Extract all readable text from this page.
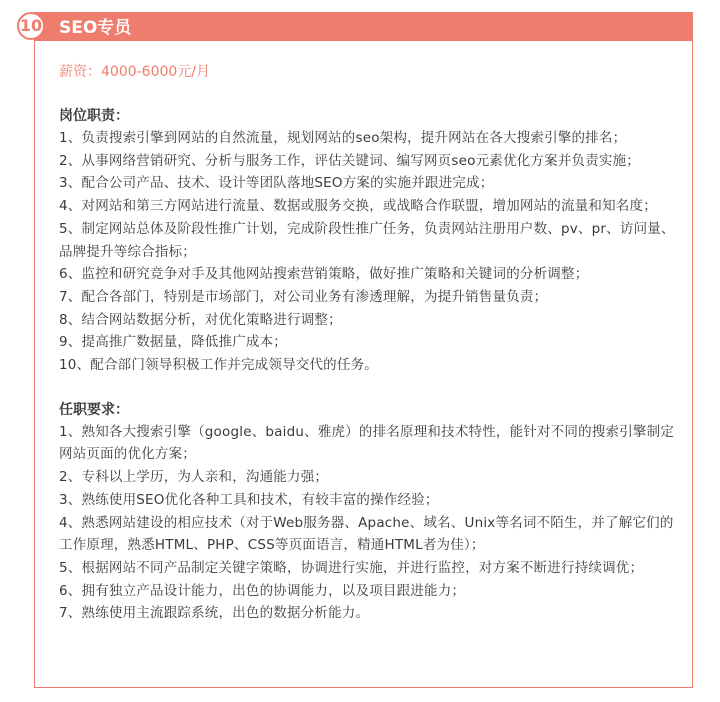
薪资：4000-6000元/月
岗位职责：
1、负责搜索引擎到网站的自然流量，规划网站的seo架构，提升网站在各大搜索引擎的排名；
2、从事网络营销研究、分析与服务工作，评估关键词、编写网页seo元素优化方案并负责实施；
3、配合公司产品、技术、设计等团队落地SEO方案的实施并跟进完成；
4、对网站和第三方网站进行流量、数据或服务交换，或战略合作联盟，增加网站的流量和知名度；
5、制定网站总体及阶段性推广计划，完成阶段性推广任务，负责网站注册用户数、pv、pr、访问量、品牌提升等综合指标；
6、监控和研究竞争对手及其他网站搜索营销策略，做好推广策略和关键词的分析调整；
7、配合各部门，特别是市场部门，对公司业务有渗透理解，为提升销售量负责；
8、结合网站数据分析，对优化策略进行调整；
9、提高推广数据量，降低推广成本；
10、配合部门领导积极工作并完成领导交代的任务。
任职要求：
1、熟知各大搜索引擎（google、baidu、雅虎）的排名原理和技术特性，能针对不同的搜索引擎制定网站页面的优化方案；
2、专科以上学历，为人亲和，沟通能力强；
3、熟练使用SEO优化各种工具和技术，有较丰富的操作经验；
4、熟悉网站建设的相应技术（对于Web服务器、Apache、域名、Unix等名词不陌生，并了解它们的工作原理，熟悉HTML、PHP、CSS等页面语言，精通HTML者为佳）；
5、根据网站不同产品制定关键字策略，协调进行实施，并进行监控，对方案不断进行持续调优；
6、拥有独立产品设计能力，出色的协调能力，以及项目跟进能力；
7、熟练使用主流跟踪系统，出色的数据分析能力。
10 SEO专员
